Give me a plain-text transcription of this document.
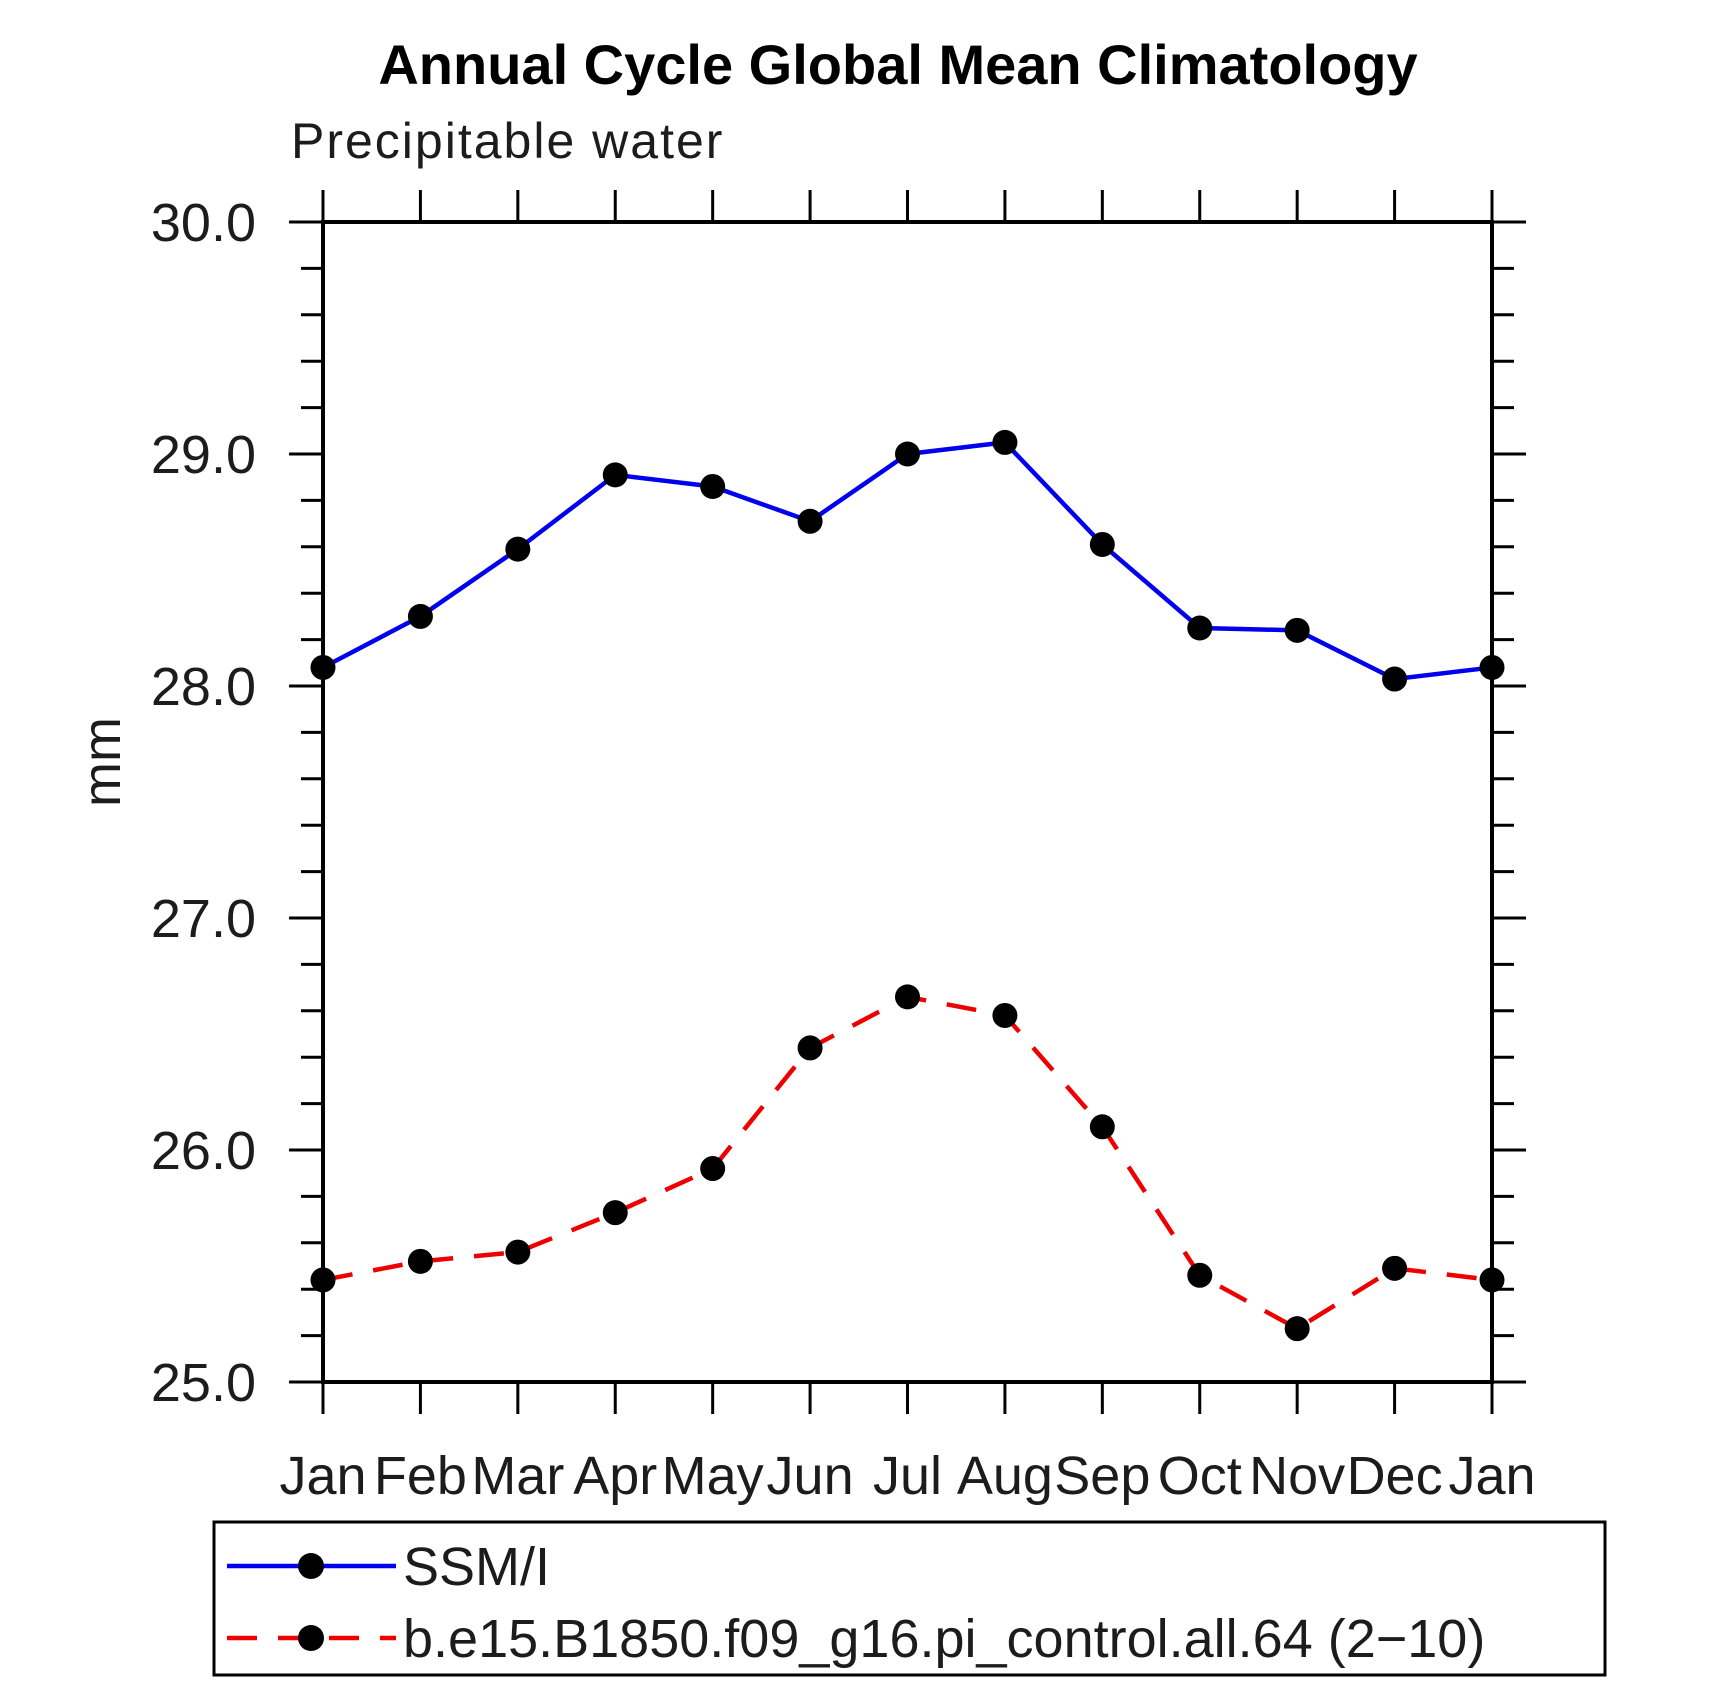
Annual Cycle Global Mean Climatology
Precipitable water
mm
Jan Feb Mar Apr May Jun Jul Aug Sep Oct Nov Dec Jan
25.0
26.0
27.0
28.0
29.0
30.0
SSM/I
b.e15.B1850.f09_g16.pi_control.all.64 (2−10)
